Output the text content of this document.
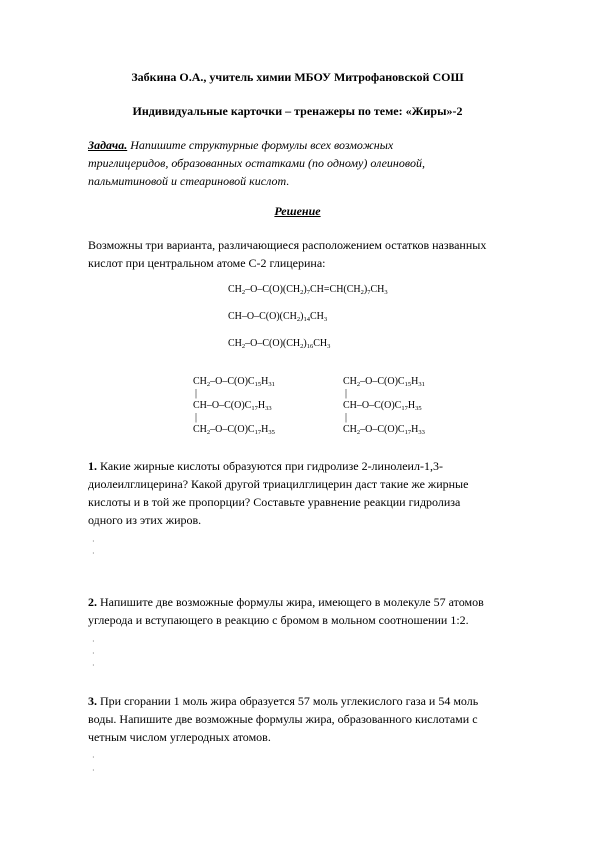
Забкина О.А., учитель химии МБОУ Митрофановской СОШ
Индивидуальные карточки – тренажеры по теме: «Жиры»-2
Задача. Напишите структурные формулы всех возможных
триглицеридов, образованных остатками (по одному) олеиновой,
пальмитиновой и стеариновой кислот.
Решение
Возможны три варианта, различающиеся расположением остатков названных
кислот при центральном атоме С-2 глицерина:
$CH_2-O-C(O)(CH_2)_7CH=CH(CH_2)_7CH_3$
$CH-O-C(O)(CH_2)_{14}CH_3$
$CH_2-O-C(O)(CH_2)_{16}CH_3$
$CH_2-O-C(O)C_{15}H_{31}$
|
$CH-O-C(O)C_{17}H_{33}$
|
$CH_2-O-C(O)C_{17}H_{35}$
$CH_2-O-C(O)C_{15}H_{31}$
|
$CH-O-C(O)C_{17}H_{35}$
|
$CH_2-O-C(O)C_{17}H_{33}$
1. Какие жирные кислоты образуются при гидролизе 2-линолеил-1,3-
диолеилглицерина? Какой другой триацилглицерин даст такие же жирные
кислоты и в той же пропорции? Составьте уравнение реакции гидролиза
одного из этих жиров.
·
·
2. Напишите две возможные формулы жира, имеющего в молекуле 57 атомов
углерода и вступающего в реакцию с бромом в мольном соотношении 1:2.
·
·
·
3. При сгорании 1 моль жира образуется 57 моль углекислого газа и 54 моль
воды. Напишите две возможные формулы жира, образованного кислотами с
четным числом углеродных атомов.
·
·
